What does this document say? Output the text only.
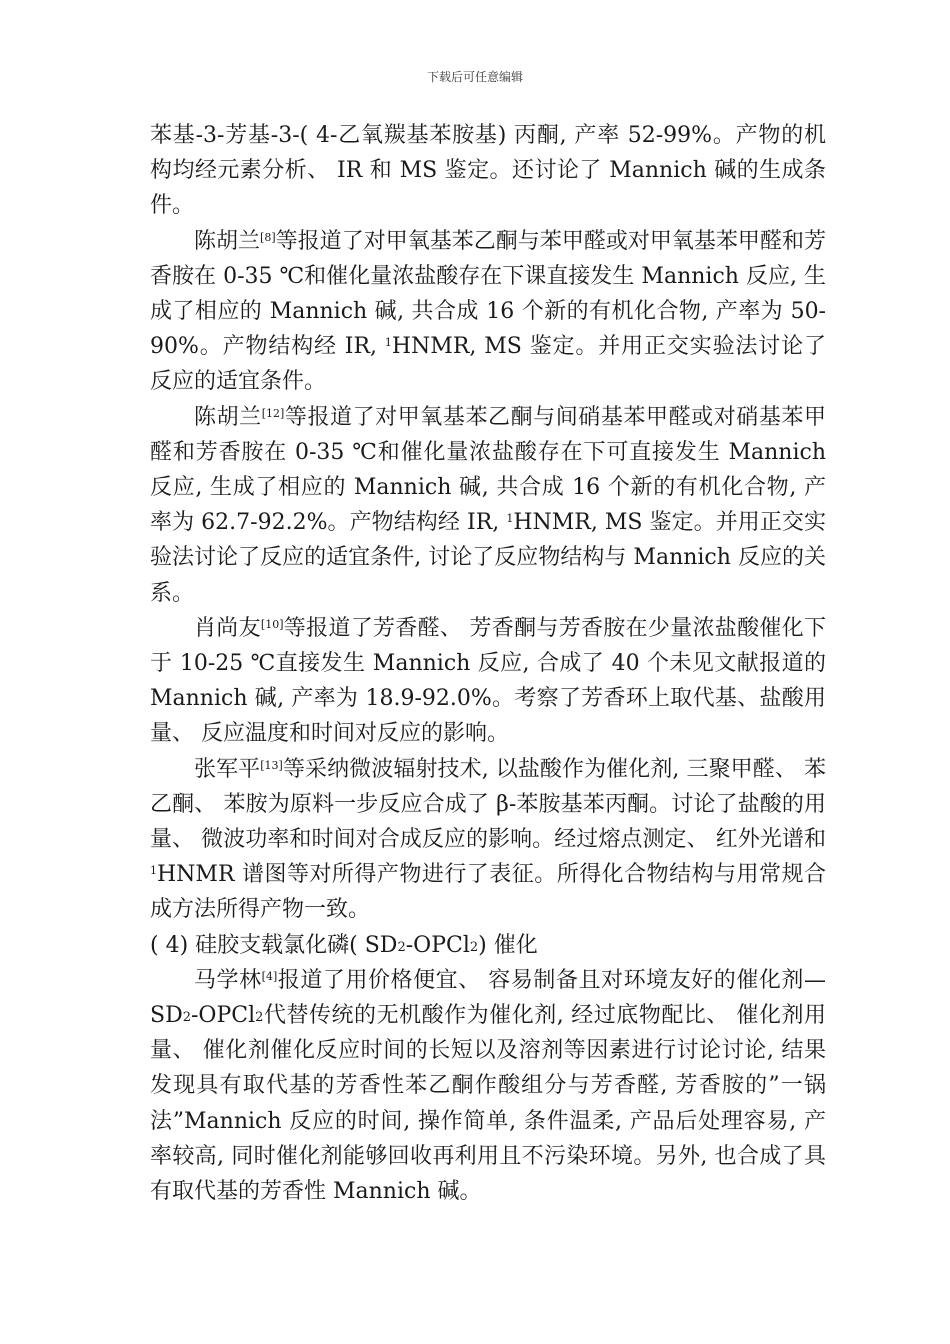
下载后可任意编辑

苯基-3-芳基-3-( 4-乙氧羰基苯胺基) 丙酮, 产率 52-99%。产物的机构均经元素分析、 IR 和 MS 鉴定。还讨论了 Mannich 碱的生成条件。

陈胡兰[8]等报道了对甲氧基苯乙酮与苯甲醛或对甲氧基苯甲醛和芳香胺在 0-35 ℃和催化量浓盐酸存在下课直接发生 Mannich 反应, 生成了相应的 Mannich 碱, 共合成 16 个新的有机化合物, 产率为 50-90%。产物结构经 IR, $^1$HNMR, MS 鉴定。并用正交实验法讨论了反应的适宜条件。

陈胡兰[12]等报道了对甲氧基苯乙酮与间硝基苯甲醛或对硝基苯甲醛和芳香胺在 0-35 ℃和催化量浓盐酸存在下可直接发生 Mannich 反应, 生成了相应的 Mannich 碱, 共合成 16 个新的有机化合物, 产率为 62.7-92.2%。产物结构经 IR, $^1$HNMR, MS 鉴定。并用正交实验法讨论了反应的适宜条件, 讨论了反应物结构与 Mannich 反应的关系。

肖尚友[10]等报道了芳香醛、 芳香酮与芳香胺在少量浓盐酸催化下于 10-25 ℃直接发生 Mannich 反应, 合成了 40 个未见文献报道的 Mannich 碱, 产率为 18.9-92.0%。考察了芳香环上取代基、盐酸用量、 反应温度和时间对反应的影响。

张军平[13]等采纳微波辐射技术, 以盐酸作为催化剂, 三聚甲醛、 苯乙酮、 苯胺为原料一步反应合成了 β-苯胺基苯丙酮。讨论了盐酸的用量、 微波功率和时间对合成反应的影响。经过熔点测定、 红外光谱和 $^1$HNMR 谱图等对所得产物进行了表征。所得化合物结构与用常规合成方法所得产物一致。

( 4) 硅胶支载氯化磷( $SD_2-OPCl_2$) 催化

马学林[4]报道了用价格便宜、 容易制备且对环境友好的催化剂$—SD_2-OPCl_2$代替传统的无机酸作为催化剂, 经过底物配比、 催化剂用量、 催化剂催化反应时间的长短以及溶剂等因素进行讨论讨论, 结果发现具有取代基的芳香性苯乙酮作酸组分与芳香醛, 芳香胺的”一锅法”Mannich 反应的时间, 操作简单, 条件温柔, 产品后处理容易, 产率较高, 同时催化剂能够回收再利用且不污染环境。另外, 也合成了具有取代基的芳香性 Mannich 碱。
